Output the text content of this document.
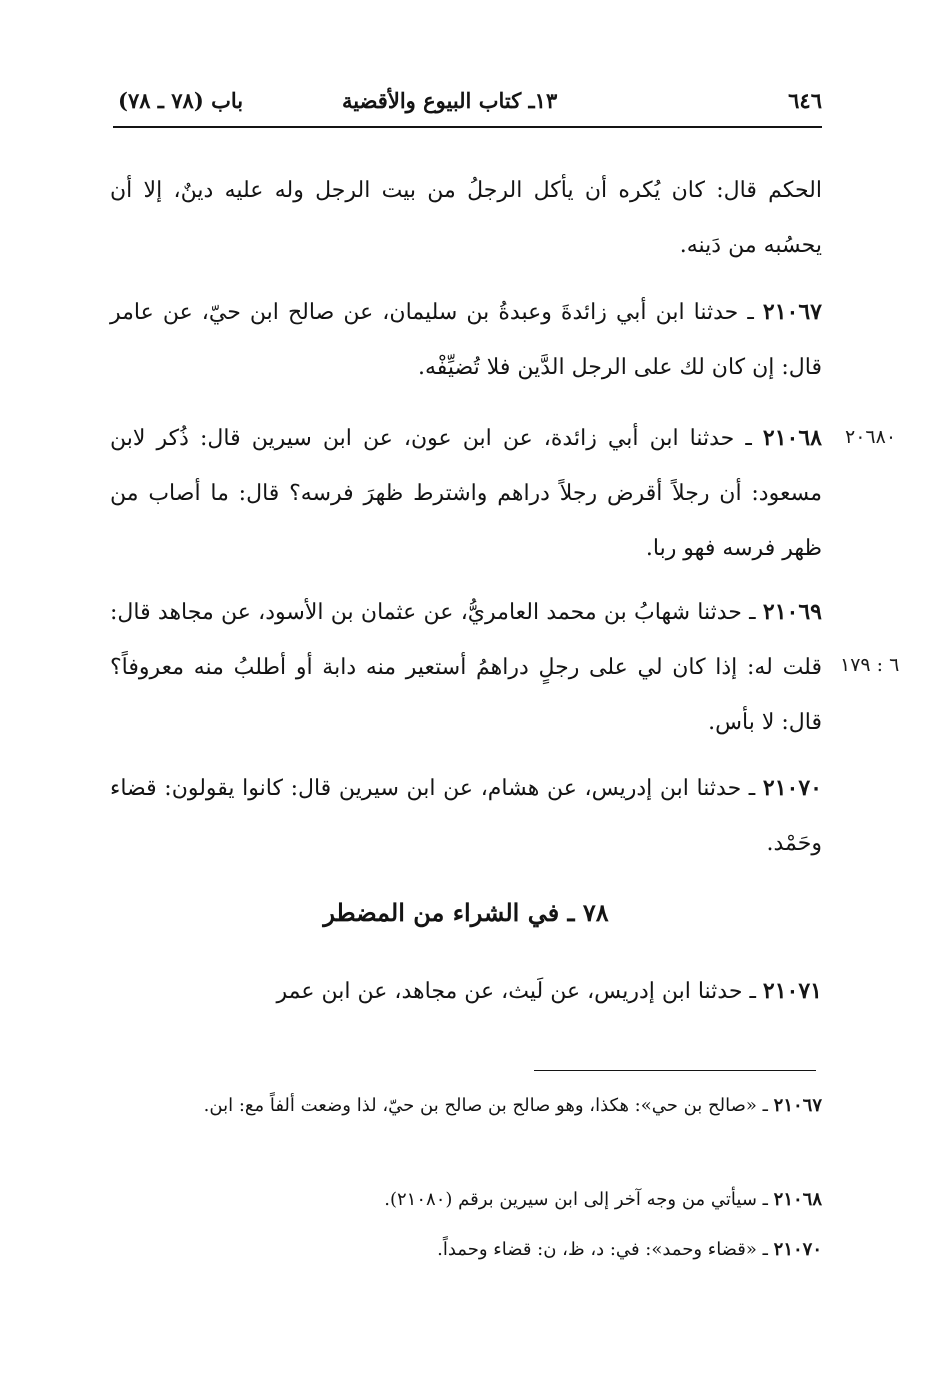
٦٤٦
١٣ـ كتاب البيوع والأقضية
باب (٧٨ ـ ٧٨)
الحكم قال: كان يُكره أن يأكل الرجلُ من بيت الرجل وله عليه دينٌ، إلا أن يحسُبه من دَينه.
٢١٠٦٧ ـ حدثنا ابن أبي زائدةَ وعبدةُ بن سليمان، عن صالح ابن حيّ، عن عامر قال: إن كان لك على الرجل الدَّين فلا تُضيِّفْه.
٢٠٦٨٠
٢١٠٦٨ ـ حدثنا ابن أبي زائدة، عن ابن عون، عن ابن سيرين قال: ذُكر لابن مسعود: أن رجلاً أقرض رجلاً دراهم واشترط ظهرَ فرسه؟ قال: ما أصاب من ظهر فرسه فهو ربا.
٦ : ١٧٩
٢١٠٦٩ ـ حدثنا شهابُ بن محمد العامريُّ، عن عثمان بن الأسود، عن مجاهد قال: قلت له: إذا كان لي على رجلٍ دراهمُ أستعير منه دابة أو أطلبُ منه معروفاً؟ قال: لا بأس.
٢١٠٧٠ ـ حدثنا ابن إدريس، عن هشام، عن ابن سيرين قال: كانوا يقولون: قضاء وحَمْد.
٧٨ ـ في الشراء من المضطر
٢١٠٧١ ـ حدثنا ابن إدريس، عن لَيث، عن مجاهد، عن ابن عمر
٢١٠٦٧ ـ «صالح بن حي»: هكذا، وهو صالح بن صالح بن حيّ، لذا وضعت ألفاً مع: ابن.
٢١٠٦٨ ـ سيأتي من وجه آخر إلى ابن سيرين برقم (٢١٠٨٠).
٢١٠٧٠ ـ «قضاء وحمد»: في: د، ظ، ن: قضاء وحمداً.
